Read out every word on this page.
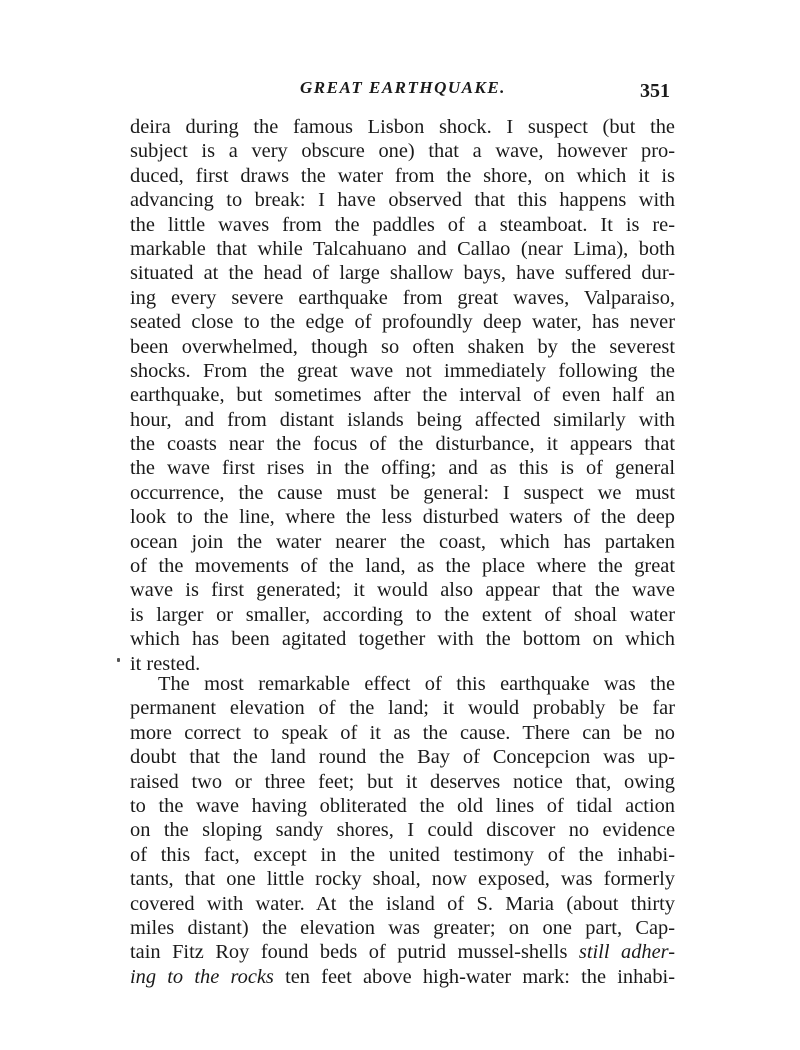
GREAT EARTHQUAKE.	351
deira during the famous Lisbon shock. I suspect (but the
subject is a very obscure one) that a wave, however pro-
duced, first draws the water from the shore, on which it is
advancing to break: I have observed that this happens with
the little waves from the paddles of a steamboat. It is re-
markable that while Talcahuano and Callao (near Lima), both
situated at the head of large shallow bays, have suffered dur-
ing every severe earthquake from great waves, Valparaiso,
seated close to the edge of profoundly deep water, has never
been overwhelmed, though so often shaken by the severest
shocks. From the great wave not immediately following the
earthquake, but sometimes after the interval of even half an
hour, and from distant islands being affected similarly with
the coasts near the focus of the disturbance, it appears that
the wave first rises in the offing; and as this is of general
occurrence, the cause must be general: I suspect we must
look to the line, where the less disturbed waters of the deep
ocean join the water nearer the coast, which has partaken
of the movements of the land, as the place where the great
wave is first generated; it would also appear that the wave
is larger or smaller, according to the extent of shoal water
which has been agitated together with the bottom on which
it rested.
The most remarkable effect of this earthquake was the
permanent elevation of the land; it would probably be far
more correct to speak of it as the cause. There can be no
doubt that the land round the Bay of Concepcion was up-
raised two or three feet; but it deserves notice that, owing
to the wave having obliterated the old lines of tidal action
on the sloping sandy shores, I could discover no evidence
of this fact, except in the united testimony of the inhabi-
tants, that one little rocky shoal, now exposed, was formerly
covered with water. At the island of S. Maria (about thirty
miles distant) the elevation was greater; on one part, Cap-
tain Fitz Roy found beds of putrid mussel-shells still adher-
ing to the rocks ten feet above high-water mark: the inhabi-
